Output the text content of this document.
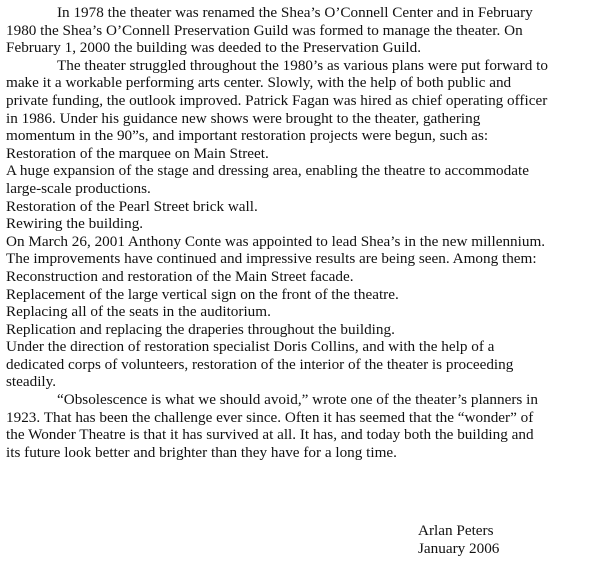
In 1978 the theater was renamed the Shea’s O’Connell Center and in February
1980 the Shea’s O’Connell Preservation Guild was formed to manage the theater. On
February 1, 2000 the building was deeded to the Preservation Guild.
The theater struggled throughout the 1980’s as various plans were put forward to
make it a workable performing arts center. Slowly, with the help of both public and
private funding, the outlook improved. Patrick Fagan was hired as chief operating officer
in 1986. Under his guidance new shows were brought to the theater, gathering
momentum in the 90”s, and important restoration projects were begun, such as:
Restoration of the marquee on Main Street.
A huge expansion of the stage and dressing area, enabling the theatre to accommodate
large-scale productions.
Restoration of the Pearl Street brick wall.
Rewiring the building.
On March 26, 2001 Anthony Conte was appointed to lead Shea’s in the new millennium.
The improvements have continued and impressive results are being seen. Among them:
Reconstruction and restoration of the Main Street facade.
Replacement of the large vertical sign on the front of the theatre.
Replacing all of the seats in the auditorium.
Replication and replacing the draperies throughout the building.
Under the direction of restoration specialist Doris Collins, and with the help of a
dedicated corps of volunteers, restoration of the interior of the theater is proceeding
steadily.
“Obsolescence is what we should avoid,” wrote one of the theater’s planners in
1923. That has been the challenge ever since. Often it has seemed that the “wonder” of
the Wonder Theatre is that it has survived at all. It has, and today both the building and
its future look better and brighter than they have for a long time.
Arlan Peters
January 2006
